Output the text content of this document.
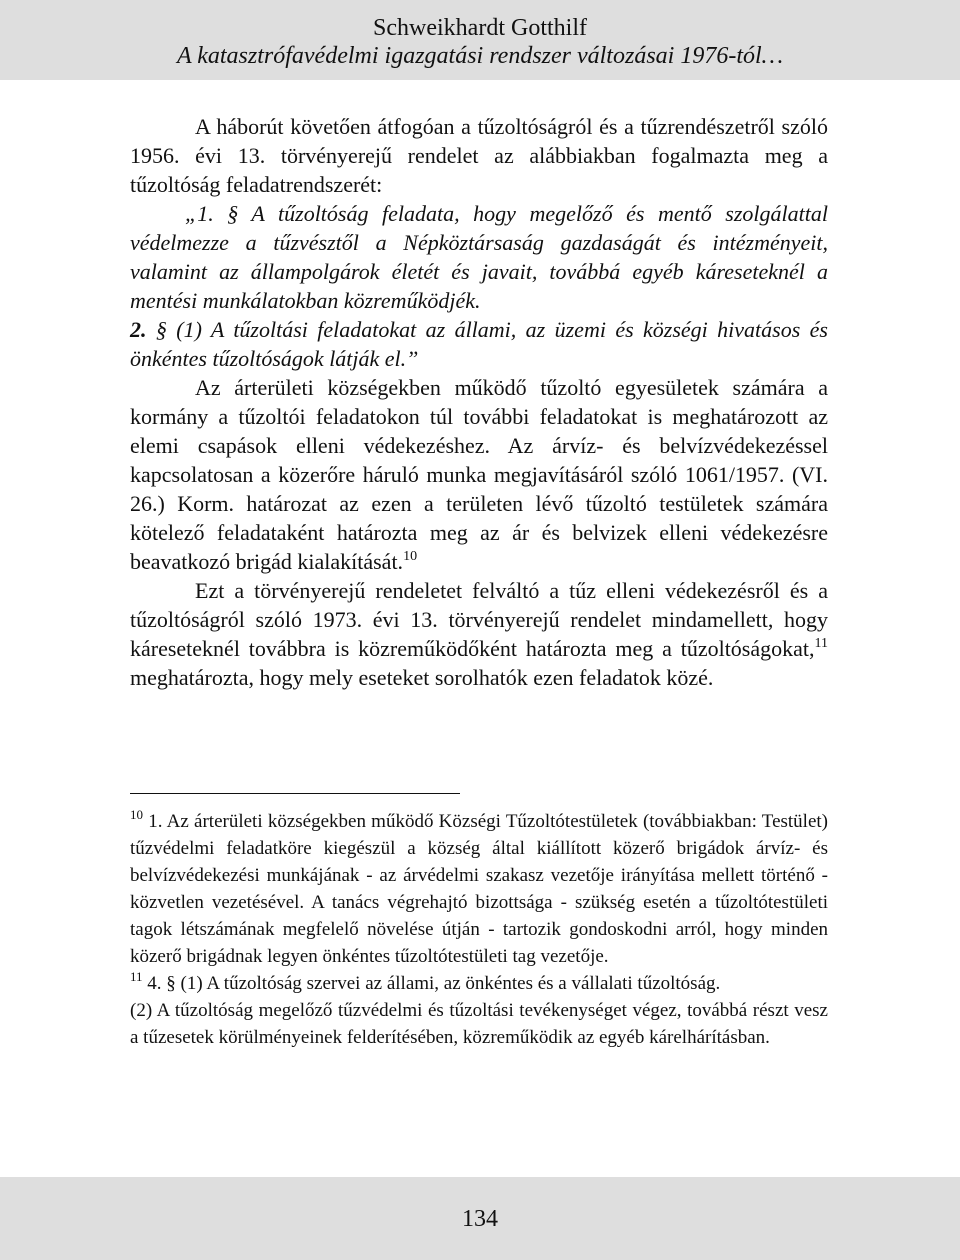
Schweikhardt Gotthilf
A katasztrófavédelmi igazgatási rendszer változásai 1976-tól…

A háborút követően átfogóan a tűzoltóságról és a tűzrendészetről szóló 1956. évi 13. törvényerejű rendelet az alábbiakban fogalmazta meg a tűzoltóság feladatrendszerét:

„1. § A tűzoltóság feladata, hogy megelőző és mentő szolgálattal védelmezze a tűzvésztől a Népköztársaság gazdaságát és intézményeit, valamint az állampolgárok életét és javait, továbbá egyéb káreseteknél a mentési munkálatokban közreműködjék.

2. § (1) A tűzoltási feladatokat az állami, az üzemi és községi hivatásos és önkéntes tűzoltóságok látják el.”

Az árterületi községekben működő tűzoltó egyesületek számára a kormány a tűzoltói feladatokon túl további feladatokat is meghatározott az elemi csapások elleni védekezéshez. Az árvíz- és belvízvédekezéssel kapcsolatosan a közerőre háruló munka megjavításáról szóló 1061/1957. (VI. 26.) Korm. határozat az ezen a területen lévő tűzoltó testületek számára kötelező feladataként határozta meg az ár és belvizek elleni védekezésre beavatkozó brigád kialakítását.$^{10}$

Ezt a törvényerejű rendeletet felváltó a tűz elleni védekezésről és a tűzoltóságról szóló 1973. évi 13. törvényerejű rendelet mindamellett, hogy káreseteknél továbbra is közreműködőként határozta meg a tűzoltóságokat,$^{11}$ meghatározta, hogy mely eseteket sorolhatók ezen feladatok közé.

$^{10}$ 1. Az árterületi községekben működő Községi Tűzoltótestületek (továbbiakban: Testület) tűzvédelmi feladatköre kiegészül a község által kiállított közerő brigádok árvíz- és belvízvédekezési munkájának - az árvédelmi szakasz vezetője irányítása mellett történő - közvetlen vezetésével. A tanács végrehajtó bizottsága - szükség esetén a tűzoltótestületi tagok létszámának megfelelő növelése útján - tartozik gondoskodni arról, hogy minden közerő brigádnak legyen önkéntes tűzoltótestületi tag vezetője.

$^{11}$ 4. § (1) A tűzoltóság szervei az állami, az önkéntes és a vállalati tűzoltóság.

(2) A tűzoltóság megelőző tűzvédelmi és tűzoltási tevékenységet végez, továbbá részt vesz a tűzesetek körülményeinek felderítésében, közreműködik az egyéb kárelhárításban.

134
